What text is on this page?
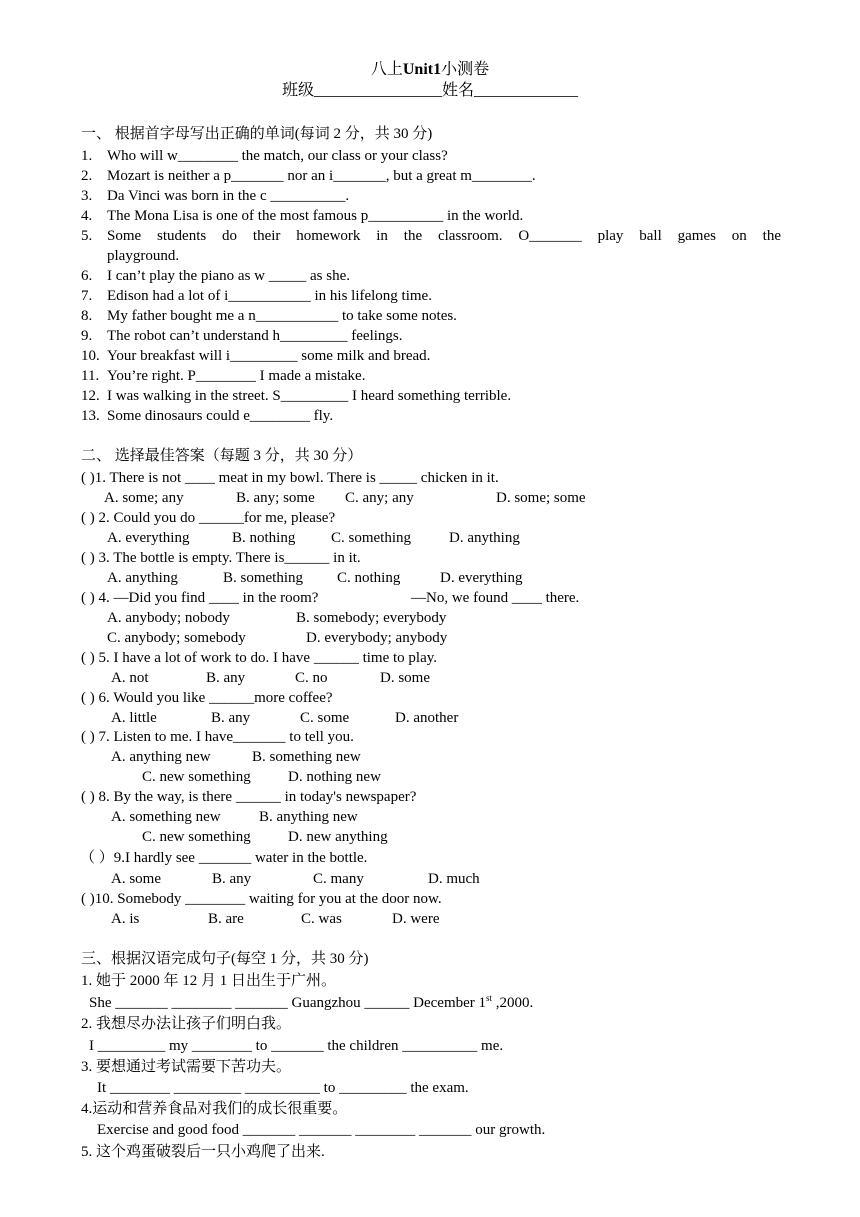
八上Unit1小测卷
班级________________姓名_____________
一、 根据首字母写出正确的单词(每词 2 分，共 30 分)
1. Who will w________ the match, our class or your class?
2. Mozart is neither a p_______ nor an i_______, but a great m________.
3. Da Vinci was born in the c __________.
4. The Mona Lisa is one of the most famous p__________ in the world.
5. Some students do their homework in the classroom. O_______ play ball games on the
playground.
6. I can’t play the piano as w _____ as she.
7. Edison had a lot of i___________ in his lifelong time.
8. My father bought me a n___________ to take some notes.
9. The robot can’t understand h_________ feelings.
10. Your breakfast will i_________ some milk and bread.
11. You’re right. P________ I made a mistake.
12. I was walking in the street. S_________ I heard something terrible.
13. Some dinosaurs could e________ fly.
二、 选择最佳答案（每题 3 分，共 30 分）
( )1. There is not ____ meat in my bowl. There is _____ chicken in it.
A. some; any	B. any; some C. any; any	D. some; some
( ) 2. Could you do ______for me, please?
A. everything	B. nothing C. something	D. anything
( ) 3. The bottle is empty. There is______ in it.
A. anything	B. something C. nothing	D. everything
( ) 4. —Did you find ____ in the room?	—No, we found ____ there.
A. anybody; nobody	B. somebody; everybody
C. anybody; somebody	D. everybody; anybody
( ) 5. I have a lot of work to do. I have ______ time to play.
A. not	B. any	C. no	D. some
( ) 6. Would you like ______more coffee?
A. little	B. any	C. some	D. another
( ) 7. Listen to me. I have_______ to tell you.
A. anything new	B. something new
C. new something D. nothing new
( ) 8. By the way, is there ______ in today's newspaper?
A. something new	B. anything new
C. new something D. new anything
（ ）9.I hardly see _______ water in the bottle.
A. some	B. any	C. many	D. much
( )10. Somebody ________ waiting for you at the door now.
A. is	B. are	C. was	D. were
三、根据汉语完成句子(每空 1 分，共 30 分)
1. 她于 2000 年 12 月 1 日出生于广州。
She _______ ________ _______ Guangzhou ______ December 1st ,2000.
2. 我想尽办法让孩子们明白我。
I _________ my ________ to _______ the children __________ me.
3. 要想通过考试需要下苦功夫。
It ________ _________ __________ to _________ the exam.
4.运动和营养食品对我们的成长很重要。
Exercise and good food _______ _______ ________ _______ our growth.
5. 这个鸡蛋破裂后一只小鸡爬了出来.
